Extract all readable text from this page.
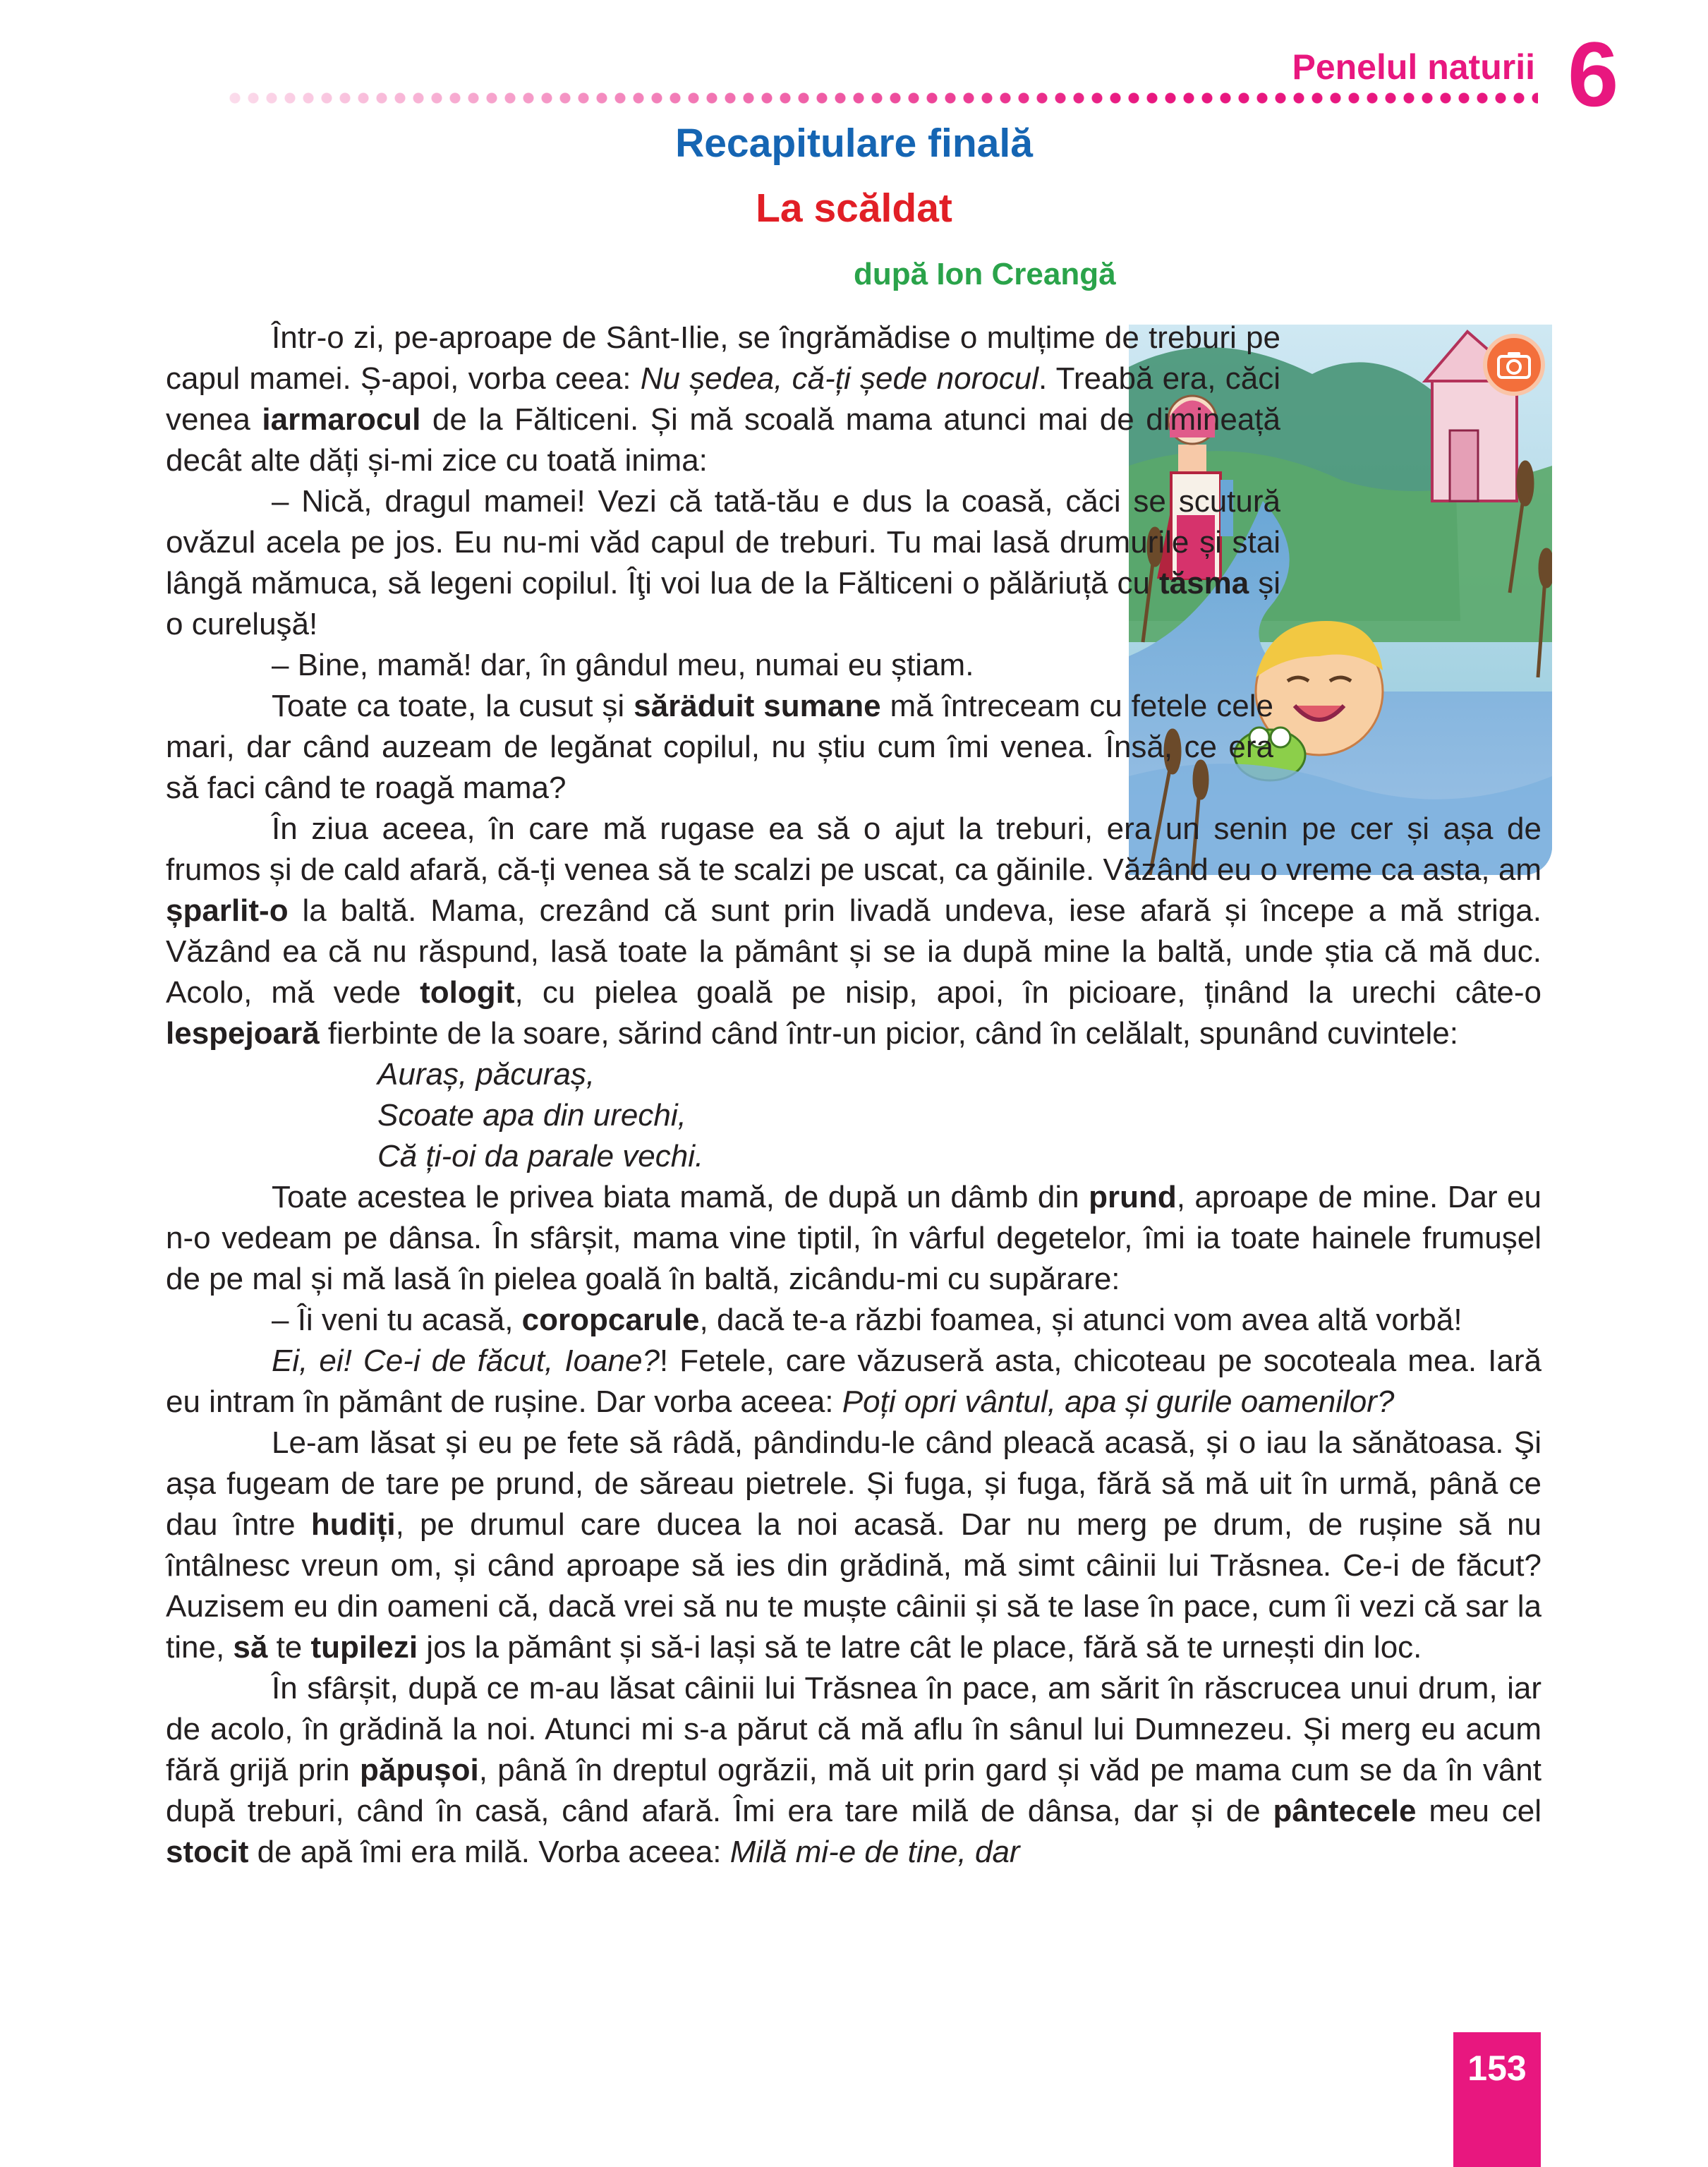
Penelul naturii 6
Recapitulare finală
La scăldat
după Ion Creangă

Într-o zi, pe-aproape de Sânt-Ilie, se îngrămădise o mulțime de treburi pe capul mamei. Ș-apoi, vorba ceea: Nu ședea, că-ți șede norocul. Treabă era, căci venea iarmarocul de la Fălticeni. Și mă scoală mama atunci mai de dimineață decât alte dăți și-mi zice cu toată inima:

– Nică, dragul mamei! Vezi că tată-tău e dus la coasă, căci se scutură ovăzul acela pe jos. Eu nu-mi văd capul de treburi. Tu mai lasă drumurile și stai lângă mămuca, să legeni copilul. Îţi voi lua de la Fălticeni o pălăriuță cu tăsma și o cureluşă!

– Bine, mamă! dar, în gândul meu, numai eu știam.

Toate ca toate, la cusut și săräduit sumane mă întreceam cu fetele cele mari, dar când auzeam de legănat copilul, nu știu cum îmi venea. Însă, ce era să faci când te roagă mama?

În ziua aceea, în care mă rugase ea să o ajut la treburi, era un senin pe cer și așa de frumos și de cald afară, că-ți venea să te scalzi pe uscat, ca găinile. Văzând eu o vreme ca asta, am șparlit-o la baltă. Mama, crezând că sunt prin livadă undeva, iese afară și începe a mă striga. Văzând ea că nu răspund, lasă toate la pământ și se ia după mine la baltă, unde știa că mă duc. Acolo, mă vede tologit, cu pielea goală pe nisip, apoi, în picioare, ținând la urechi câte-o lespejoară fierbinte de la soare, sărind când într-un picior, când în celălalt, spunând cuvintele:

Auraș, păcuraș,

Scoate apa din urechi,

Că ți-oi da parale vechi.

Toate acestea le privea biata mamă, de după un dâmb din prund, aproape de mine. Dar eu n-o vedeam pe dânsa. În sfârșit, mama vine tiptil, în vârful degetelor, îmi ia toate hainele frumușel de pe mal și mă lasă în pielea goală în baltă, zicându-mi cu supărare:

– Îi veni tu acasă, coropcarule, dacă te-a răzbi foamea, și atunci vom avea altă vorbă!

Ei, ei! Ce-i de făcut, Ioane?! Fetele, care văzuseră asta, chicoteau pe socoteala mea. Iară eu intram în pământ de rușine. Dar vorba aceea: Poți opri vântul, apa și gurile oamenilor?

Le-am lăsat și eu pe fete să râdă, pândindu-le când pleacă acasă, și o iau la sănătoasa. Şi așa fugeam de tare pe prund, de săreau pietrele. Și fuga, și fuga, fără să mă uit în urmă, până ce dau între hudiți, pe drumul care ducea la noi acasă. Dar nu merg pe drum, de rușine să nu întâlnesc vreun om, și când aproape să ies din grădină, mă simt câinii lui Trăsnea. Ce-i de făcut? Auzisem eu din oameni că, dacă vrei să nu te muște câinii și să te lase în pace, cum îi vezi că sar la tine, să te tupilezi jos la pământ și să-i lași să te latre cât le place, fără să te urnești din loc.

În sfârșit, după ce m-au lăsat câinii lui Trăsnea în pace, am sărit în răscrucea unui drum, iar de acolo, în grădină la noi. Atunci mi s-a părut că mă aflu în sânul lui Dumnezeu. Și merg eu acum fără grijă prin păpușoi, până în dreptul ogrăzii, mă uit prin gard și văd pe mama cum se da în vânt după treburi, când în casă, când afară. Îmi era tare milă de dânsa, dar și de pântecele meu cel stocit de apă îmi era milă. Vorba aceea: Milă mi-e de tine, dar

153
